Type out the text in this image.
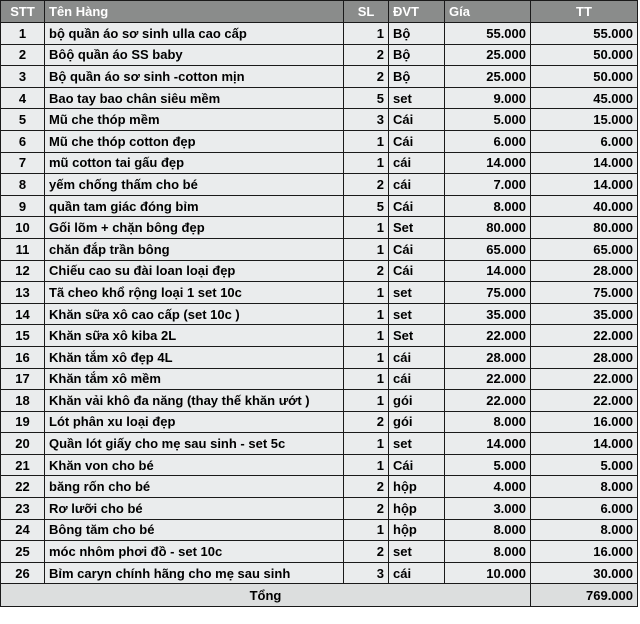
STT	Tên Hàng	SL	ĐVT	Gía	TT
1	bộ quần áo sơ sinh ulla cao cấp	1	Bộ	55.000	55.000
2	Bôộ quần áo SS baby	2	Bộ	25.000	50.000
3	Bộ quần áo sơ sinh -cotton mịn	2	Bộ	25.000	50.000
4	Bao tay bao chân siêu mềm	5	set	9.000	45.000
5	Mũ che thóp mềm	3	Cái	5.000	15.000
6	Mũ che thóp cotton đẹp	1	Cái	6.000	6.000
7	mũ cotton tai gấu đẹp	1	cái	14.000	14.000
8	yếm chống thấm cho bé	2	cái	7.000	14.000
9	quần tam giác đóng bỉm	5	Cái	8.000	40.000
10	Gối lõm + chặn bông đẹp	1	Set	80.000	80.000
11	chăn đắp trần bông	1	Cái	65.000	65.000
12	Chiếu cao su đài loan loại đẹp	2	Cái	14.000	28.000
13	Tã cheo khổ rộng loại 1 set 10c	1	set	75.000	75.000
14	Khăn sữa xô cao cấp (set 10c )	1	set	35.000	35.000
15	Khăn sữa xô kiba 2L	1	Set	22.000	22.000
16	Khăn tắm xô đẹp 4L	1	cái	28.000	28.000
17	Khăn tắm xô mềm	1	cái	22.000	22.000
18	Khăn vải khô đa năng (thay thế khăn ướt )	1	gói	22.000	22.000
19	Lót phân xu loại đẹp	2	gói	8.000	16.000
20	Quần lót giấy cho mẹ sau sinh - set 5c	1	set	14.000	14.000
21	Khăn von cho bé	1	Cái	5.000	5.000
22	băng rốn cho bé	2	hộp	4.000	8.000
23	Rơ lưỡi cho bé	2	hộp	3.000	6.000
24	Bông tăm cho bé	1	hộp	8.000	8.000
25	móc nhôm phơi đồ - set 10c	2	set	8.000	16.000
26	Bỉm caryn chính hãng cho mẹ sau sinh	3	cái	10.000	30.000
Tổng					769.000
